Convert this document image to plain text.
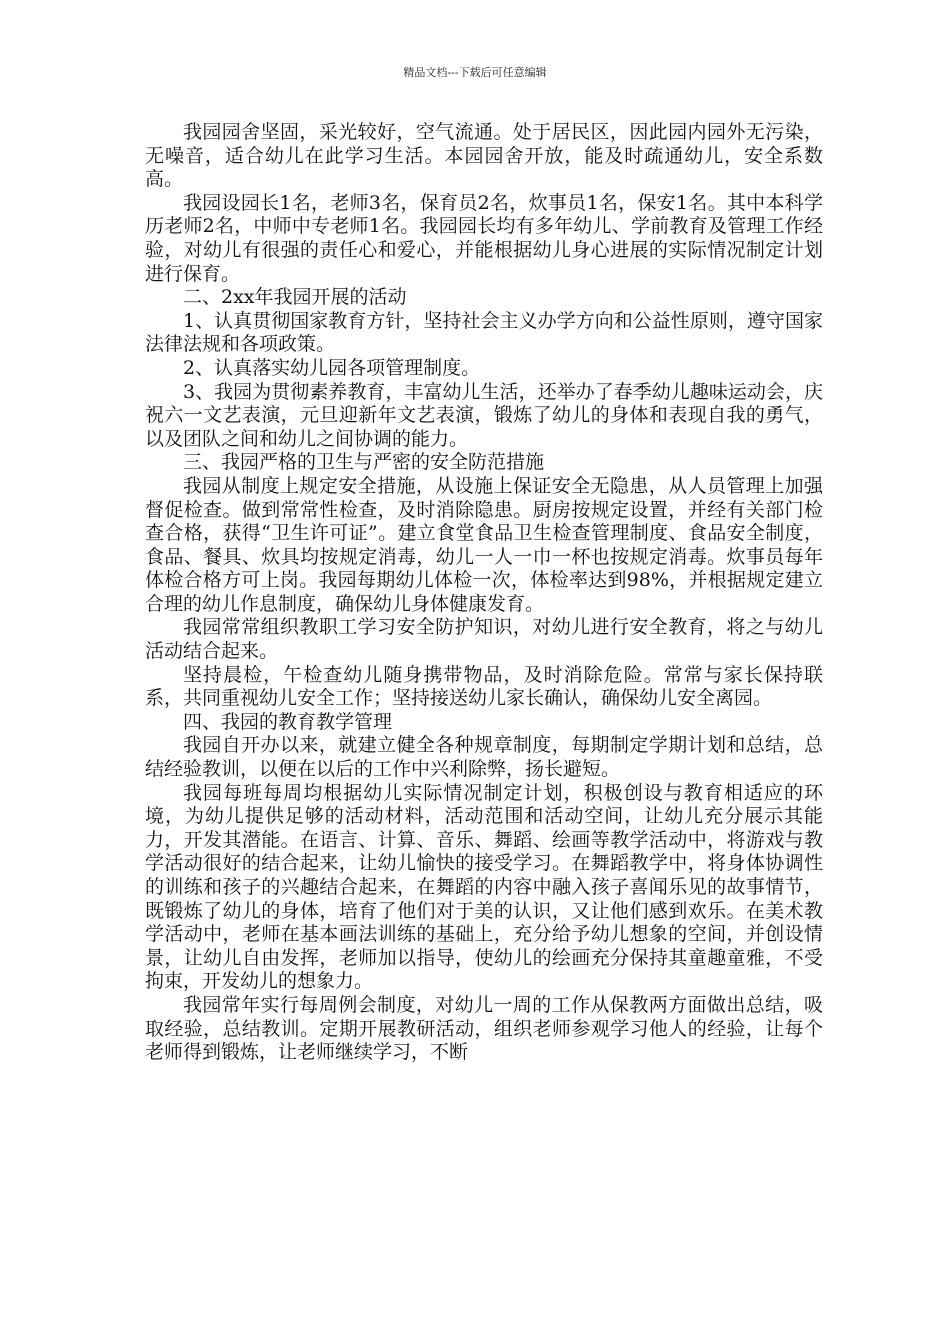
精品文档---下载后可任意编辑

我园园舍坚固，采光较好，空气流通。处于居民区，因此园内园外无污染，无噪音，适合幼儿在此学习生活。本园园舍开放，能及时疏通幼儿，安全系数高。

我园设园长1名，老师3名，保育员2名，炊事员1名，保安1名。其中本科学历老师2名，中师中专老师1名。我园园长均有多年幼儿、学前教育及管理工作经验，对幼儿有很强的责任心和爱心，并能根据幼儿身心进展的实际情况制定计划进行保育。

二、2xx年我园开展的活动

1、认真贯彻国家教育方针，坚持社会主义办学方向和公益性原则，遵守国家法律法规和各项政策。

2、认真落实幼儿园各项管理制度。

3、我园为贯彻素养教育，丰富幼儿生活，还举办了春季幼儿趣味运动会，庆祝六一文艺表演，元旦迎新年文艺表演，锻炼了幼儿的身体和表现自我的勇气，以及团队之间和幼儿之间协调的能力。

三、我园严格的卫生与严密的安全防范措施

我园从制度上规定安全措施，从设施上保证安全无隐患，从人员管理上加强督促检查。做到常常性检查，及时消除隐患。厨房按规定设置，并经有关部门检查合格，获得“卫生许可证”。建立食堂食品卫生检查管理制度、食品安全制度，食品、餐具、炊具均按规定消毒，幼儿一人一巾一杯也按规定消毒。炊事员每年体检合格方可上岗。我园每期幼儿体检一次，体检率达到98%，并根据规定建立合理的幼儿作息制度，确保幼儿身体健康发育。

我园常常组织教职工学习安全防护知识，对幼儿进行安全教育，将之与幼儿活动结合起来。

坚持晨检，午检查幼儿随身携带物品，及时消除危险。常常与家长保持联系，共同重视幼儿安全工作；坚持接送幼儿家长确认，确保幼儿安全离园。

四、我园的教育教学管理

我园自开办以来，就建立健全各种规章制度，每期制定学期计划和总结，总结经验教训，以便在以后的工作中兴利除弊，扬长避短。

我园每班每周均根据幼儿实际情况制定计划，积极创设与教育相适应的环境，为幼儿提供足够的活动材料，活动范围和活动空间，让幼儿充分展示其能力，开发其潜能。在语言、计算、音乐、舞蹈、绘画等教学活动中，将游戏与教学活动很好的结合起来，让幼儿愉快的接受学习。在舞蹈教学中，将身体协调性的训练和孩子的兴趣结合起来，在舞蹈的内容中融入孩子喜闻乐见的故事情节，既锻炼了幼儿的身体，培育了他们对于美的认识，又让他们感到欢乐。在美术教学活动中，老师在基本画法训练的基础上，充分给予幼儿想象的空间，并创设情景，让幼儿自由发挥，老师加以指导，使幼儿的绘画充分保持其童趣童雅，不受拘束，开发幼儿的想象力。

我园常年实行每周例会制度，对幼儿一周的工作从保教两方面做出总结，吸取经验，总结教训。定期开展教研活动，组织老师参观学习他人的经验，让每个老师得到锻炼，让老师继续学习，不断
